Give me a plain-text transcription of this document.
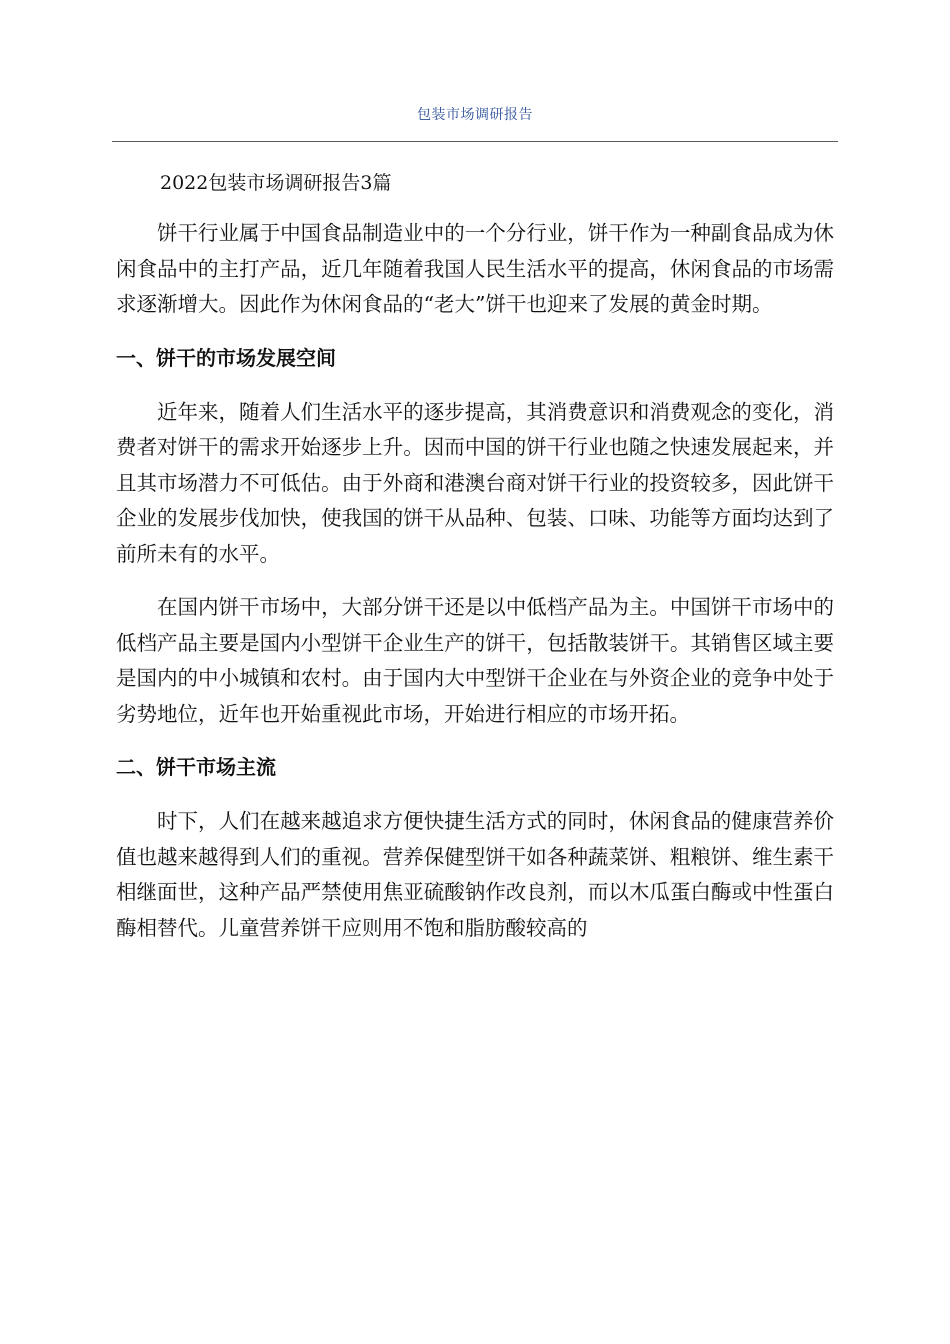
包装市场调研报告
2022包装市场调研报告3篇

饼干行业属于中国食品制造业中的一个分行业，饼干作为一种副食品成为休闲食品中的主打产品，近几年随着我国人民生活水平的提高，休闲食品的市场需求逐渐增大。因此作为休闲食品的“老大”饼干也迎来了发展的黄金时期。

一、饼干的市场发展空间

近年来，随着人们生活水平的逐步提高，其消费意识和消费观念的变化，消费者对饼干的需求开始逐步上升。因而中国的饼干行业也随之快速发展起来，并且其市场潜力不可低估。由于外商和港澳台商对饼干行业的投资较多，因此饼干企业的发展步伐加快，使我国的饼干从品种、包装、口味、功能等方面均达到了前所未有的水平。

在国内饼干市场中，大部分饼干还是以中低档产品为主。中国饼干市场中的低档产品主要是国内小型饼干企业生产的饼干，包括散装饼干。其销售区域主要是国内的中小城镇和农村。由于国内大中型饼干企业在与外资企业的竞争中处于劣势地位，近年也开始重视此市场，开始进行相应的市场开拓。

二、饼干市场主流

时下，人们在越来越追求方便快捷生活方式的同时，休闲食品的健康营养价值也越来越得到人们的重视。营养保健型饼干如各种蔬菜饼、粗粮饼、维生素干相继面世，这种产品严禁使用焦亚硫酸钠作改良剂，而以木瓜蛋白酶或中性蛋白酶相替代。儿童营养饼干应则用不饱和脂肪酸较高的
